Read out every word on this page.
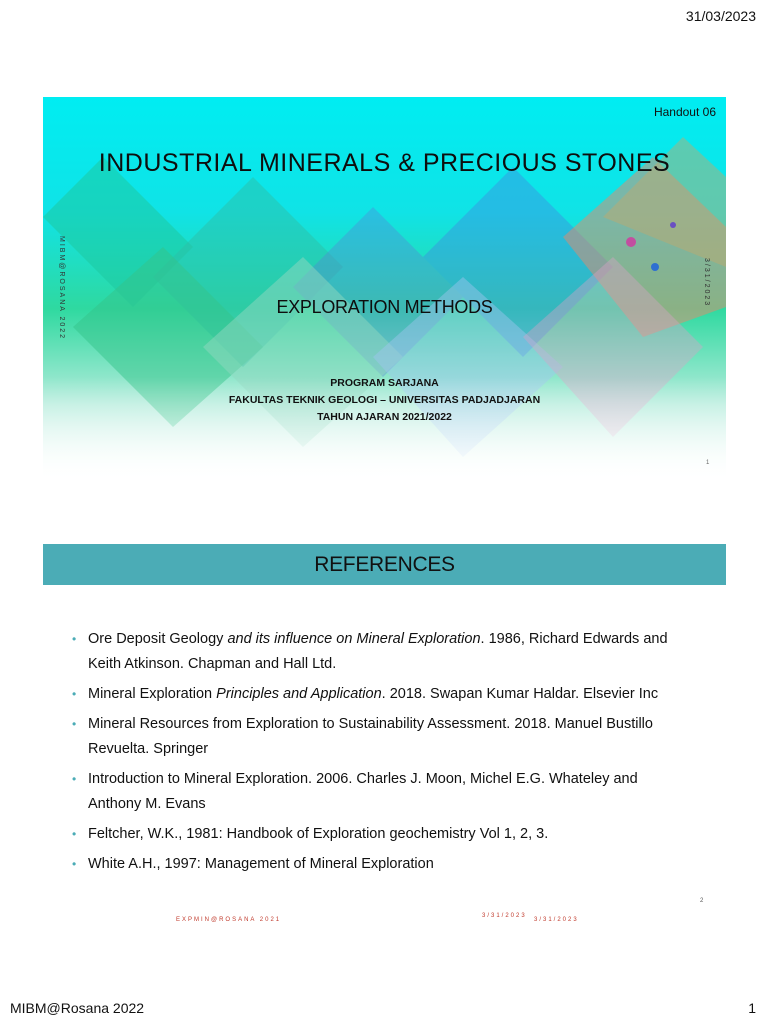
31/03/2023
Handout 06
INDUSTRIAL MINERALS & PRECIOUS STONES
EXPLORATION METHODS
PROGRAM SARJANA
FAKULTAS TEKNIK GEOLOGI – UNIVERSITAS PADJADJARAN
TAHUN AJARAN 2021/2022
MIBM@ROSANA 2022	3/31/2023
1
REFERENCES
• Ore Deposit Geology and its influence on Mineral Exploration. 1986, Richard Edwards and Keith Atkinson. Chapman and Hall Ltd.
• Mineral Exploration Principles and Application. 2018. Swapan Kumar Haldar. Elsevier Inc
• Mineral Resources from Exploration to Sustainability Assessment. 2018. Manuel Bustillo Revuelta. Springer
• Introduction to Mineral Exploration. 2006. Charles J. Moon, Michel E.G. Whateley and Anthony M. Evans
• Feltcher, W.K., 1981: Handbook of Exploration geochemistry Vol 1, 2, 3.
• White A.H., 1997: Management of Mineral Exploration
EXPMIN@ROSANA 2021
3/31/2023
3/31/2023
2
MIBM@Rosana 2022	1
